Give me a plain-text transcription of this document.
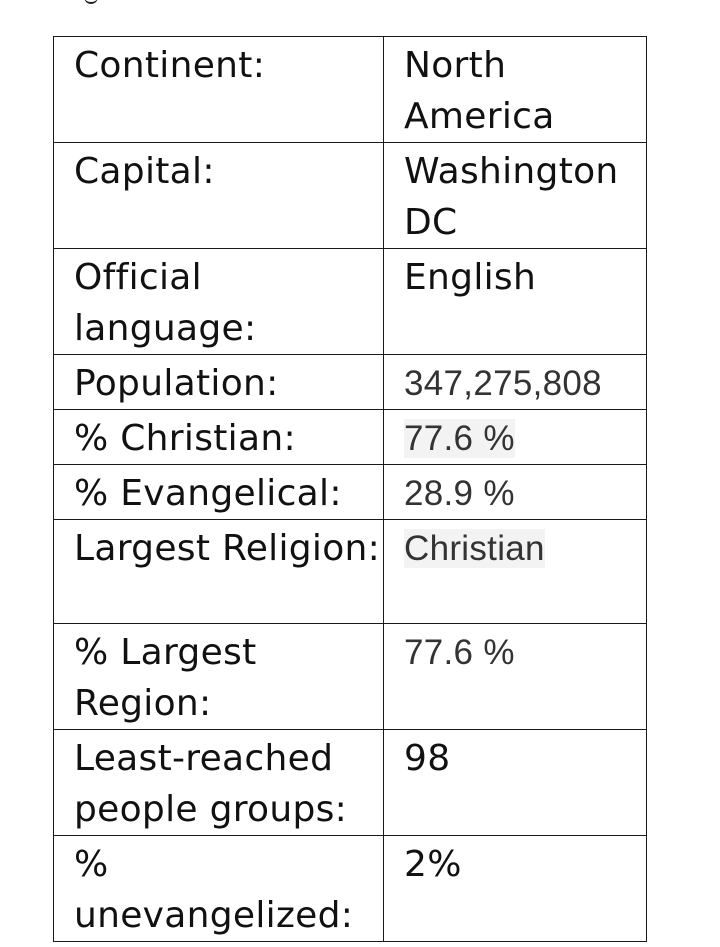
Continent:	North America
Capital:	Washington DC
Official language:	English
Population:	347,275,808
% Christian:	77.6 %
% Evangelical:	28.9 %
Largest Religion:	Christian
% Largest Region:	77.6 %
Least-reached people groups:	98
% unevangelized:	2%
